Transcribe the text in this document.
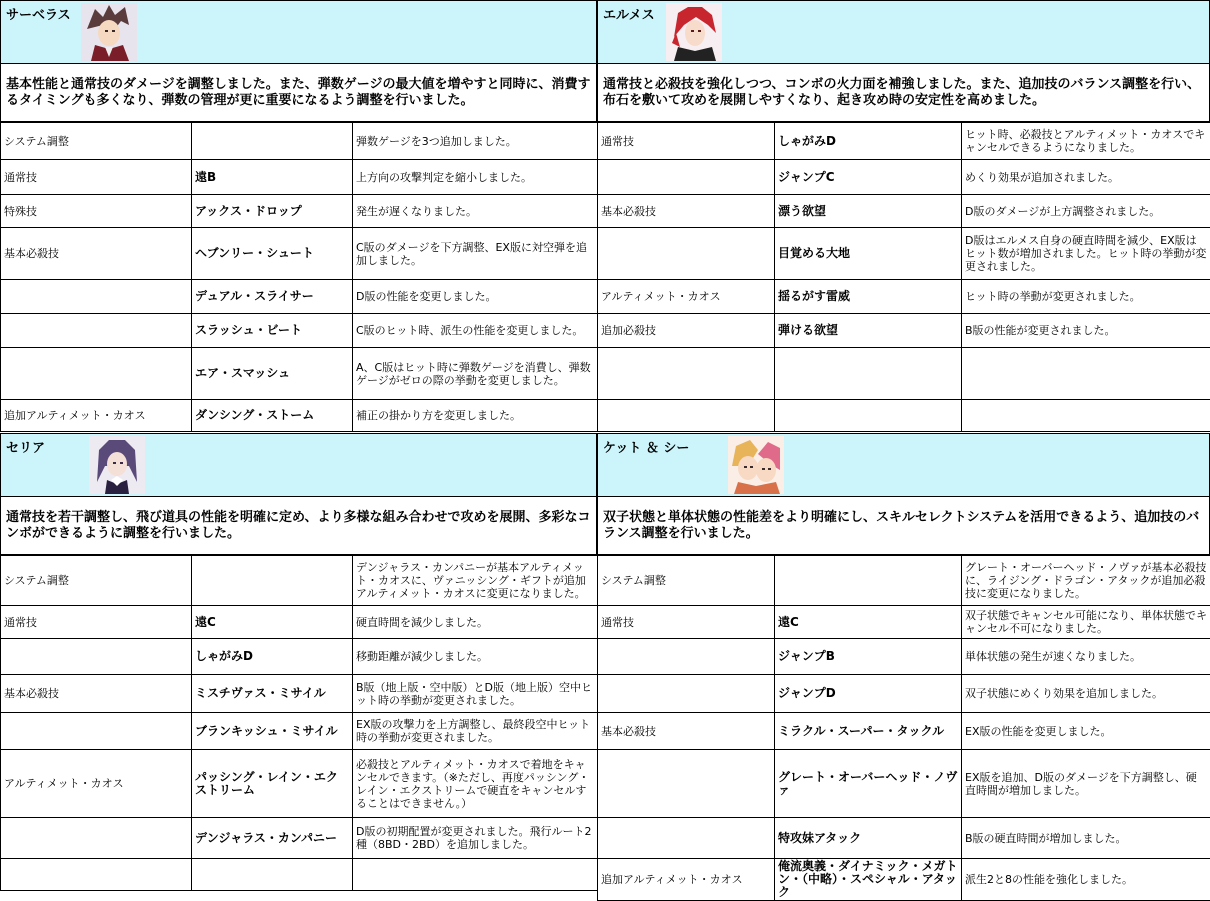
サーベラス
基本性能と通常技のダメージを調整しました。また、弾数ゲージの最大値を増やすと同時に、消費するタイミングも多くなり、弾数の管理が更に重要になるよう調整を行いました。
システム調整		弾数ゲージを3つ追加しました。
通常技	遠B	上方向の攻撃判定を縮小しました。
特殊技	アックス・ドロップ	発生が遅くなりました。
基本必殺技	ヘブンリー・シュート	C版のダメージを下方調整、EX版に対空弾を追加しました。
	デュアル・スライサー	D版の性能を変更しました。
	スラッシュ・ビート	C版のヒット時、派生の性能を変更しました。
	エア・スマッシュ	A、C版はヒット時に弾数ゲージを消費し、弾数ゲージがゼロの際の挙動を変更しました。
追加アルティメット・カオス	ダンシング・ストーム	補正の掛かり方を変更しました。
エルメス
通常技と必殺技を強化しつつ、コンボの火力面を補強しました。また、追加技のバランス調整を行い、布石を敷いて攻めを展開しやすくなり、起き攻め時の安定性を高めました。
通常技	しゃがみD	ヒット時、必殺技とアルティメット・カオスでキャンセルできるようになりました。
	ジャンプC	めくり効果が追加されました。
基本必殺技	漂う欲望	D版のダメージが上方調整されました。
	目覚める大地	D版はエルメス自身の硬直時間を減少、EX版はヒット数が増加されました。ヒット時の挙動が変更されました。
アルティメット・カオス	揺るがす雷威	ヒット時の挙動が変更されました。
追加必殺技	弾ける欲望	B版の性能が変更されました。

セリア
通常技を若干調整し、飛び道具の性能を明確に定め、より多様な組み合わせで攻めを展開、多彩なコンボができるように調整を行いました。
システム調整		デンジャラス・カンパニーが基本アルティメット・カオスに、ヴァニッシング・ギフトが追加アルティメット・カオスに変更になりました。
通常技	遠C	硬直時間を減少しました。
	しゃがみD	移動距離が減少しました。
基本必殺技	ミスチヴァス・ミサイル	B版（地上版・空中版）とD版（地上版）空中ヒット時の挙動が変更されました。
	ブランキッシュ・ミサイル	EX版の攻撃力を上方調整し、最終段空中ヒット時の挙動が変更されました。
アルティメット・カオス	パッシング・レイン・エクストリーム	必殺技とアルティメット・カオスで着地をキャンセルできます。（※ただし、再度パッシング・レイン・エクストリームで硬直をキャンセルすることはできません。）
	デンジャラス・カンパニー	D版の初期配置が変更されました。飛行ルート2種（8BD・2BD）を追加しました。

ケット ＆ シー
双子状態と単体状態の性能差をより明確にし、スキルセレクトシステムを活用できるよう、追加技のバランス調整を行いました。
システム調整		グレート・オーバーヘッド・ノヴァが基本必殺技に、ライジング・ドラゴン・アタックが追加必殺技に変更になりました。
通常技	遠C	双子状態でキャンセル可能になり、単体状態でキャンセル不可になりました。
	ジャンプB	単体状態の発生が速くなりました。
	ジャンプD	双子状態にめくり効果を追加しました。
基本必殺技	ミラクル・スーパー・タックル	EX版の性能を変更しました。
	グレート・オーバーヘッド・ノヴァ	EX版を追加、D版のダメージを下方調整し、硬直時間が増加しました。
	特攻妹アタック	B版の硬直時間が増加しました。
追加アルティメット・カオス	俺流奥義・ダイナミック・メガトン・（中略）・スペシャル・アタック	派生2と8の性能を強化しました。
